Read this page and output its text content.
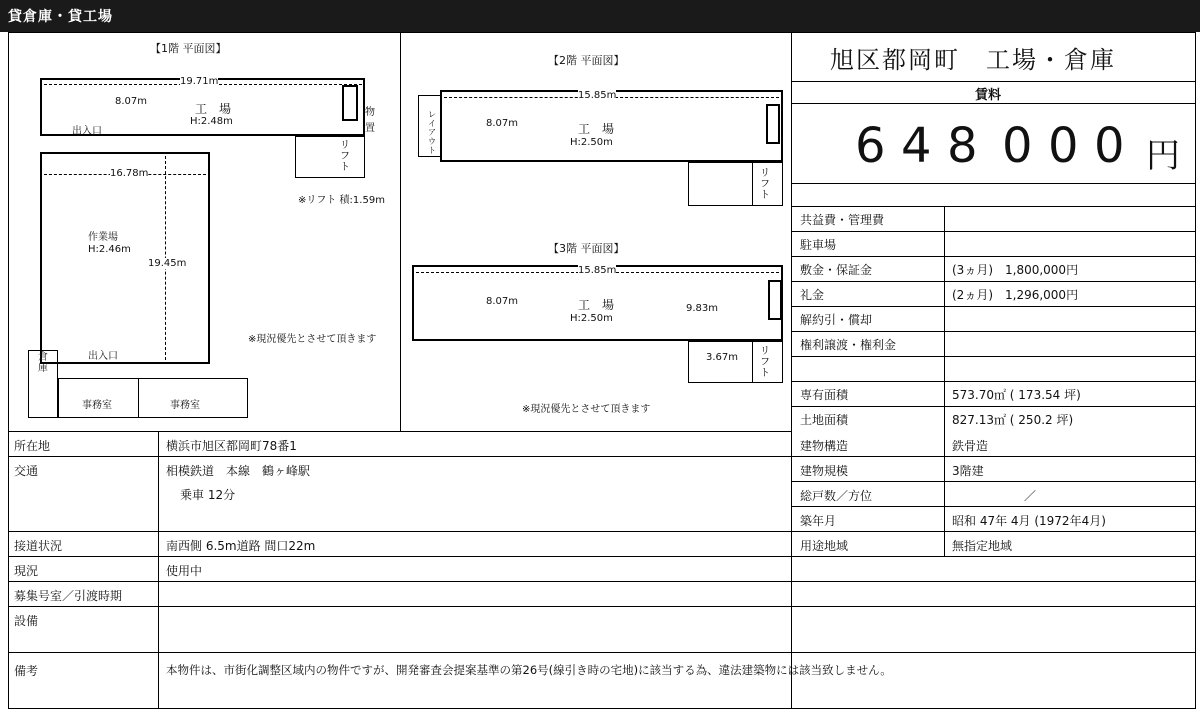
貸倉庫・貸工場
【1階 平面図】
19.71m
8.07m
工　場
H:2.48m
出入口
物置
リフト
16.78m
19.45m
作業場
H:2.46m
出入口
倉庫
事務室	事務室
※リフト 積:1.59m
※現況優先とさせて頂きます
【2階 平面図】
15.85m
8.07m	工　場
H:2.50m
レイアウト
リフト
【3階 平面図】
15.85m
8.07m	工　場
H:2.50m
9.83m
3.67m
リフト
※現況優先とさせて頂きます
旭区都岡町　工場・倉庫
賃料
6 4 8 0 0 0 円
共益費・管理費
駐車場
敷金・保証金	(3ヵ月)　1,800,000円
礼金	(2ヵ月)　1,296,000円
解約引・償却
権利譲渡・権利金
専有面積	573.70㎡ ( 173.54 坪)
土地面積	827.13㎡ ( 250.2 坪)
建物構造	鉄骨造
建物規模	3階建
総戸数／方位	／
築年月	昭和 47年 4月 (1972年4月)
用途地域	無指定地域
所在地	横浜市旭区都岡町78番1
交通	相模鉄道　本線　鶴ヶ峰駅
乗車 12分
接道状況	南西側 6.5m道路 間口22m
現況	使用中
募集号室／引渡時期
設備
備考	本物件は、市街化調整区域内の物件ですが、開発審査会提案基準の第26号(線引き時の宅地)に該当する為、違法建築物には該当致しません。
